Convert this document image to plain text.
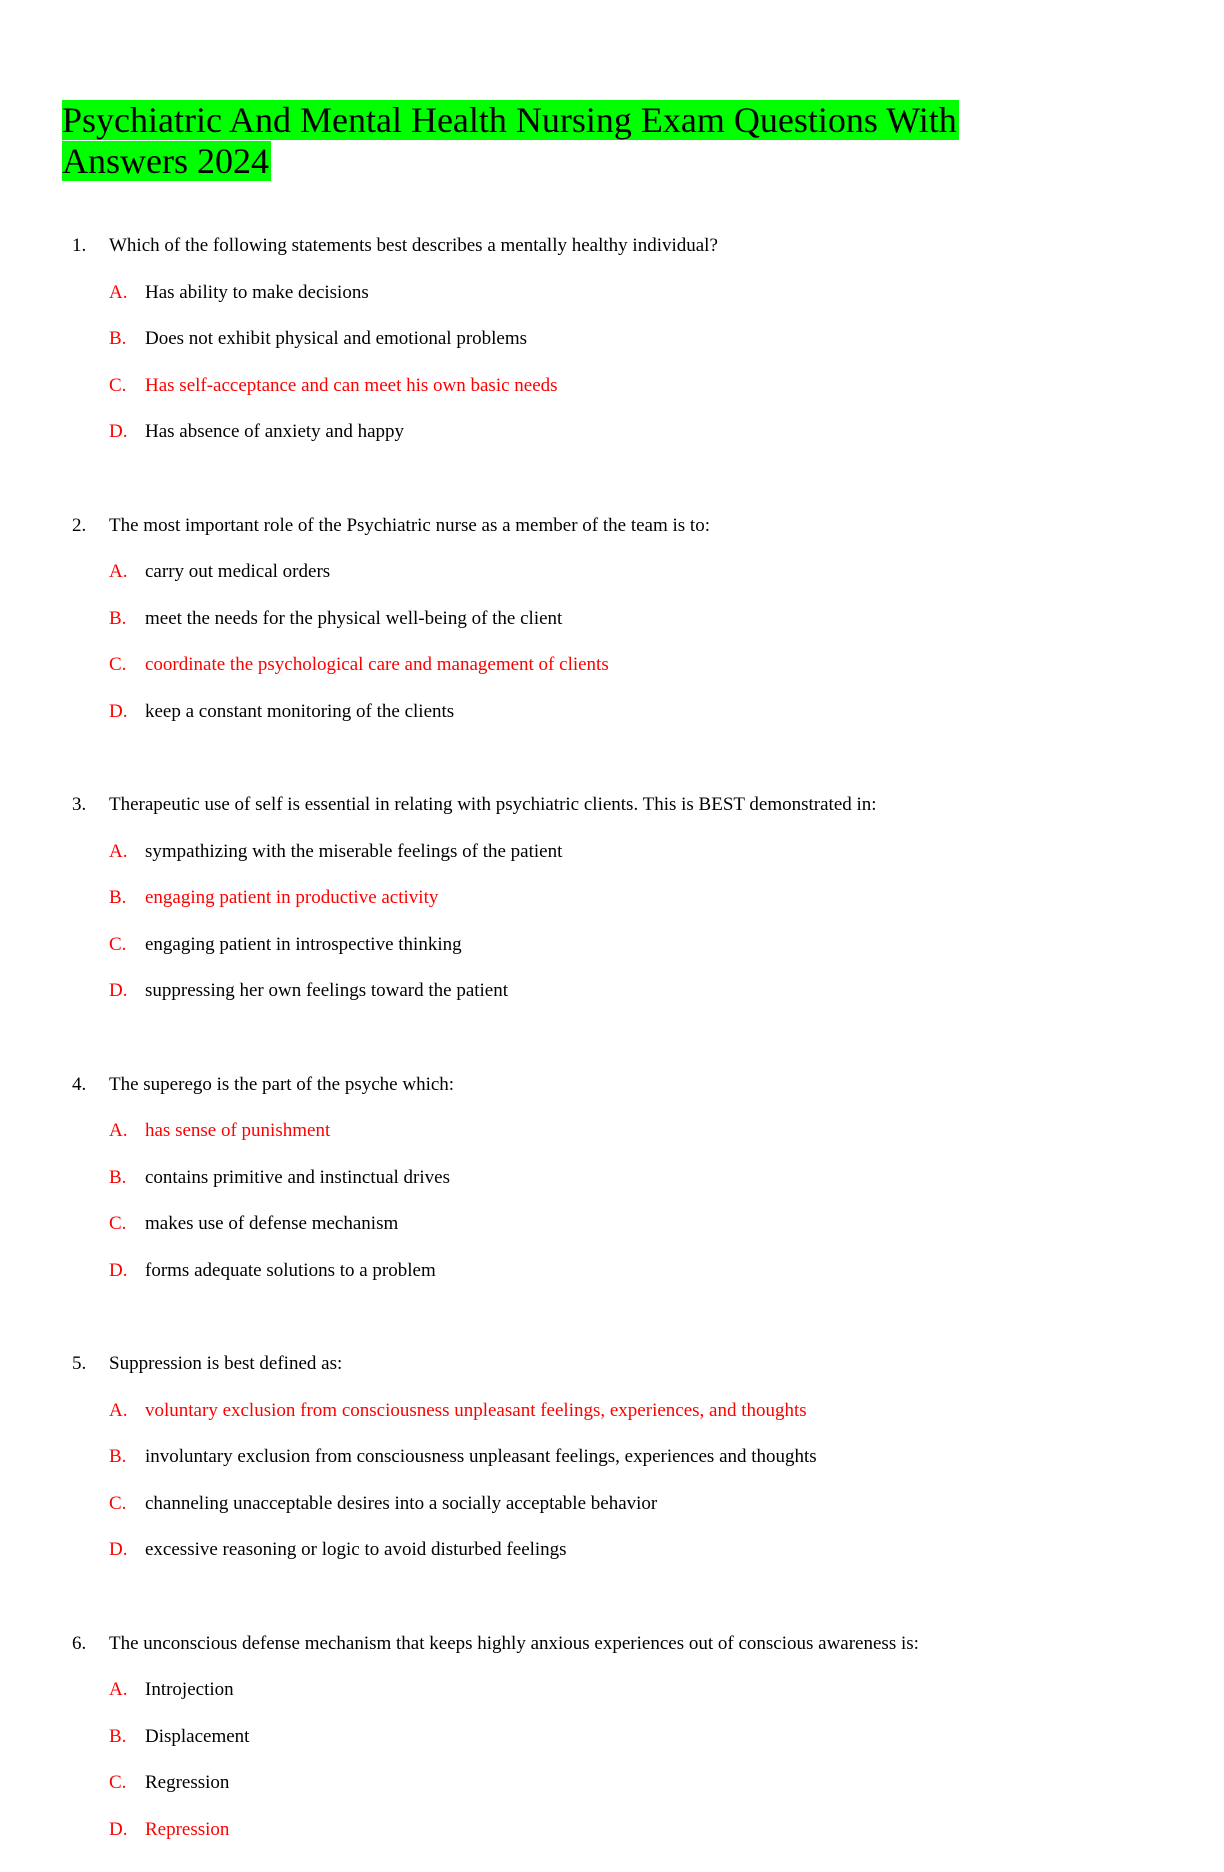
Psychiatric And Mental Health Nursing Exam Questions With Answers 2024
1. Which of the following statements best describes a mentally healthy individual?
A. Has ability to make decisions
B. Does not exhibit physical and emotional problems
C. Has self-acceptance and can meet his own basic needs
D. Has absence of anxiety and happy
2. The most important role of the Psychiatric nurse as a member of the team is to:
A. carry out medical orders
B. meet the needs for the physical well-being of the client
C. coordinate the psychological care and management of clients
D. keep a constant monitoring of the clients
3. Therapeutic use of self is essential in relating with psychiatric clients. This is BEST demonstrated in:
A. sympathizing with the miserable feelings of the patient
B. engaging patient in productive activity
C. engaging patient in introspective thinking
D. suppressing her own feelings toward the patient
4. The superego is the part of the psyche which:
A. has sense of punishment
B. contains primitive and instinctual drives
C. makes use of defense mechanism
D. forms adequate solutions to a problem
5. Suppression is best defined as:
A. voluntary exclusion from consciousness unpleasant feelings, experiences, and thoughts
B. involuntary exclusion from consciousness unpleasant feelings, experiences and thoughts
C. channeling unacceptable desires into a socially acceptable behavior
D. excessive reasoning or logic to avoid disturbed feelings
6. The unconscious defense mechanism that keeps highly anxious experiences out of conscious awareness is:
A. Introjection
B. Displacement
C. Regression
D. Repression
